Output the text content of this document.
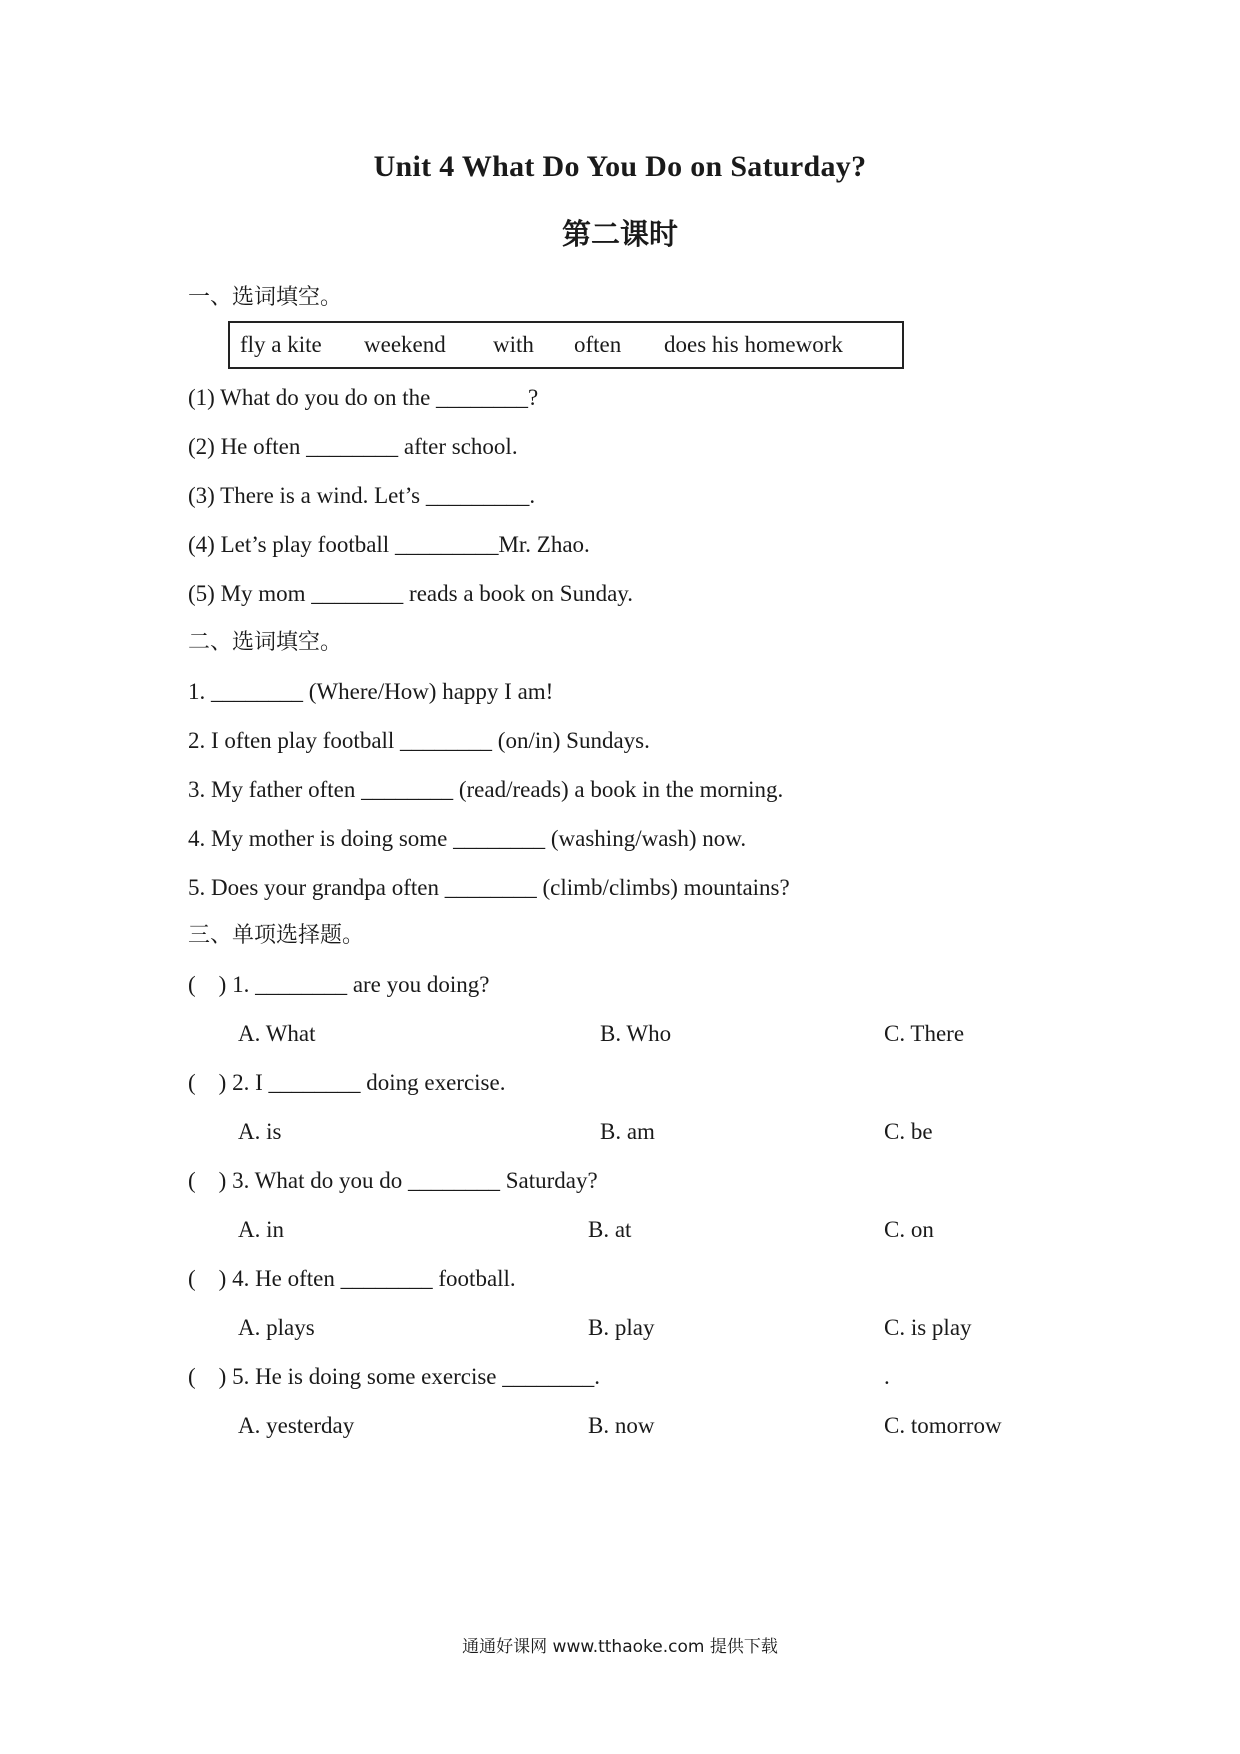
Unit 4 What Do You Do on Saturday?
第二课时
一、选词填空。
fly a kite weekend with often does his homework
(1) What do you do on the ________?
(2) He often ________ after school.
(3) There is a wind. Let’s _________.
(4) Let’s play football _________Mr. Zhao.
(5) My mom ________ reads a book on Sunday.
二、选词填空。
1. ________ (Where/How) happy I am!
2. I often play football ________ (on/in) Sundays.
3. My father often ________ (read/reads) a book in the morning.
4. My mother is doing some ________ (washing/wash) now.
5. Does your grandpa often ________ (climb/climbs) mountains?
三、单项选择题。
(    ) 1. ________ are you doing?
A. What	B. Who	C. There
(    ) 2. I ________ doing exercise.
A. is	B. am	C. be
(    ) 3. What do you do ________ Saturday?
A. in	B. at	C. on
(    ) 4. He often ________ football.
A. plays	B. play	C. is play
(    ) 5. He is doing some exercise ________.	.
A. yesterday	B. now	C. tomorrow
通通好课网 www.tthaoke.com 提供下载
